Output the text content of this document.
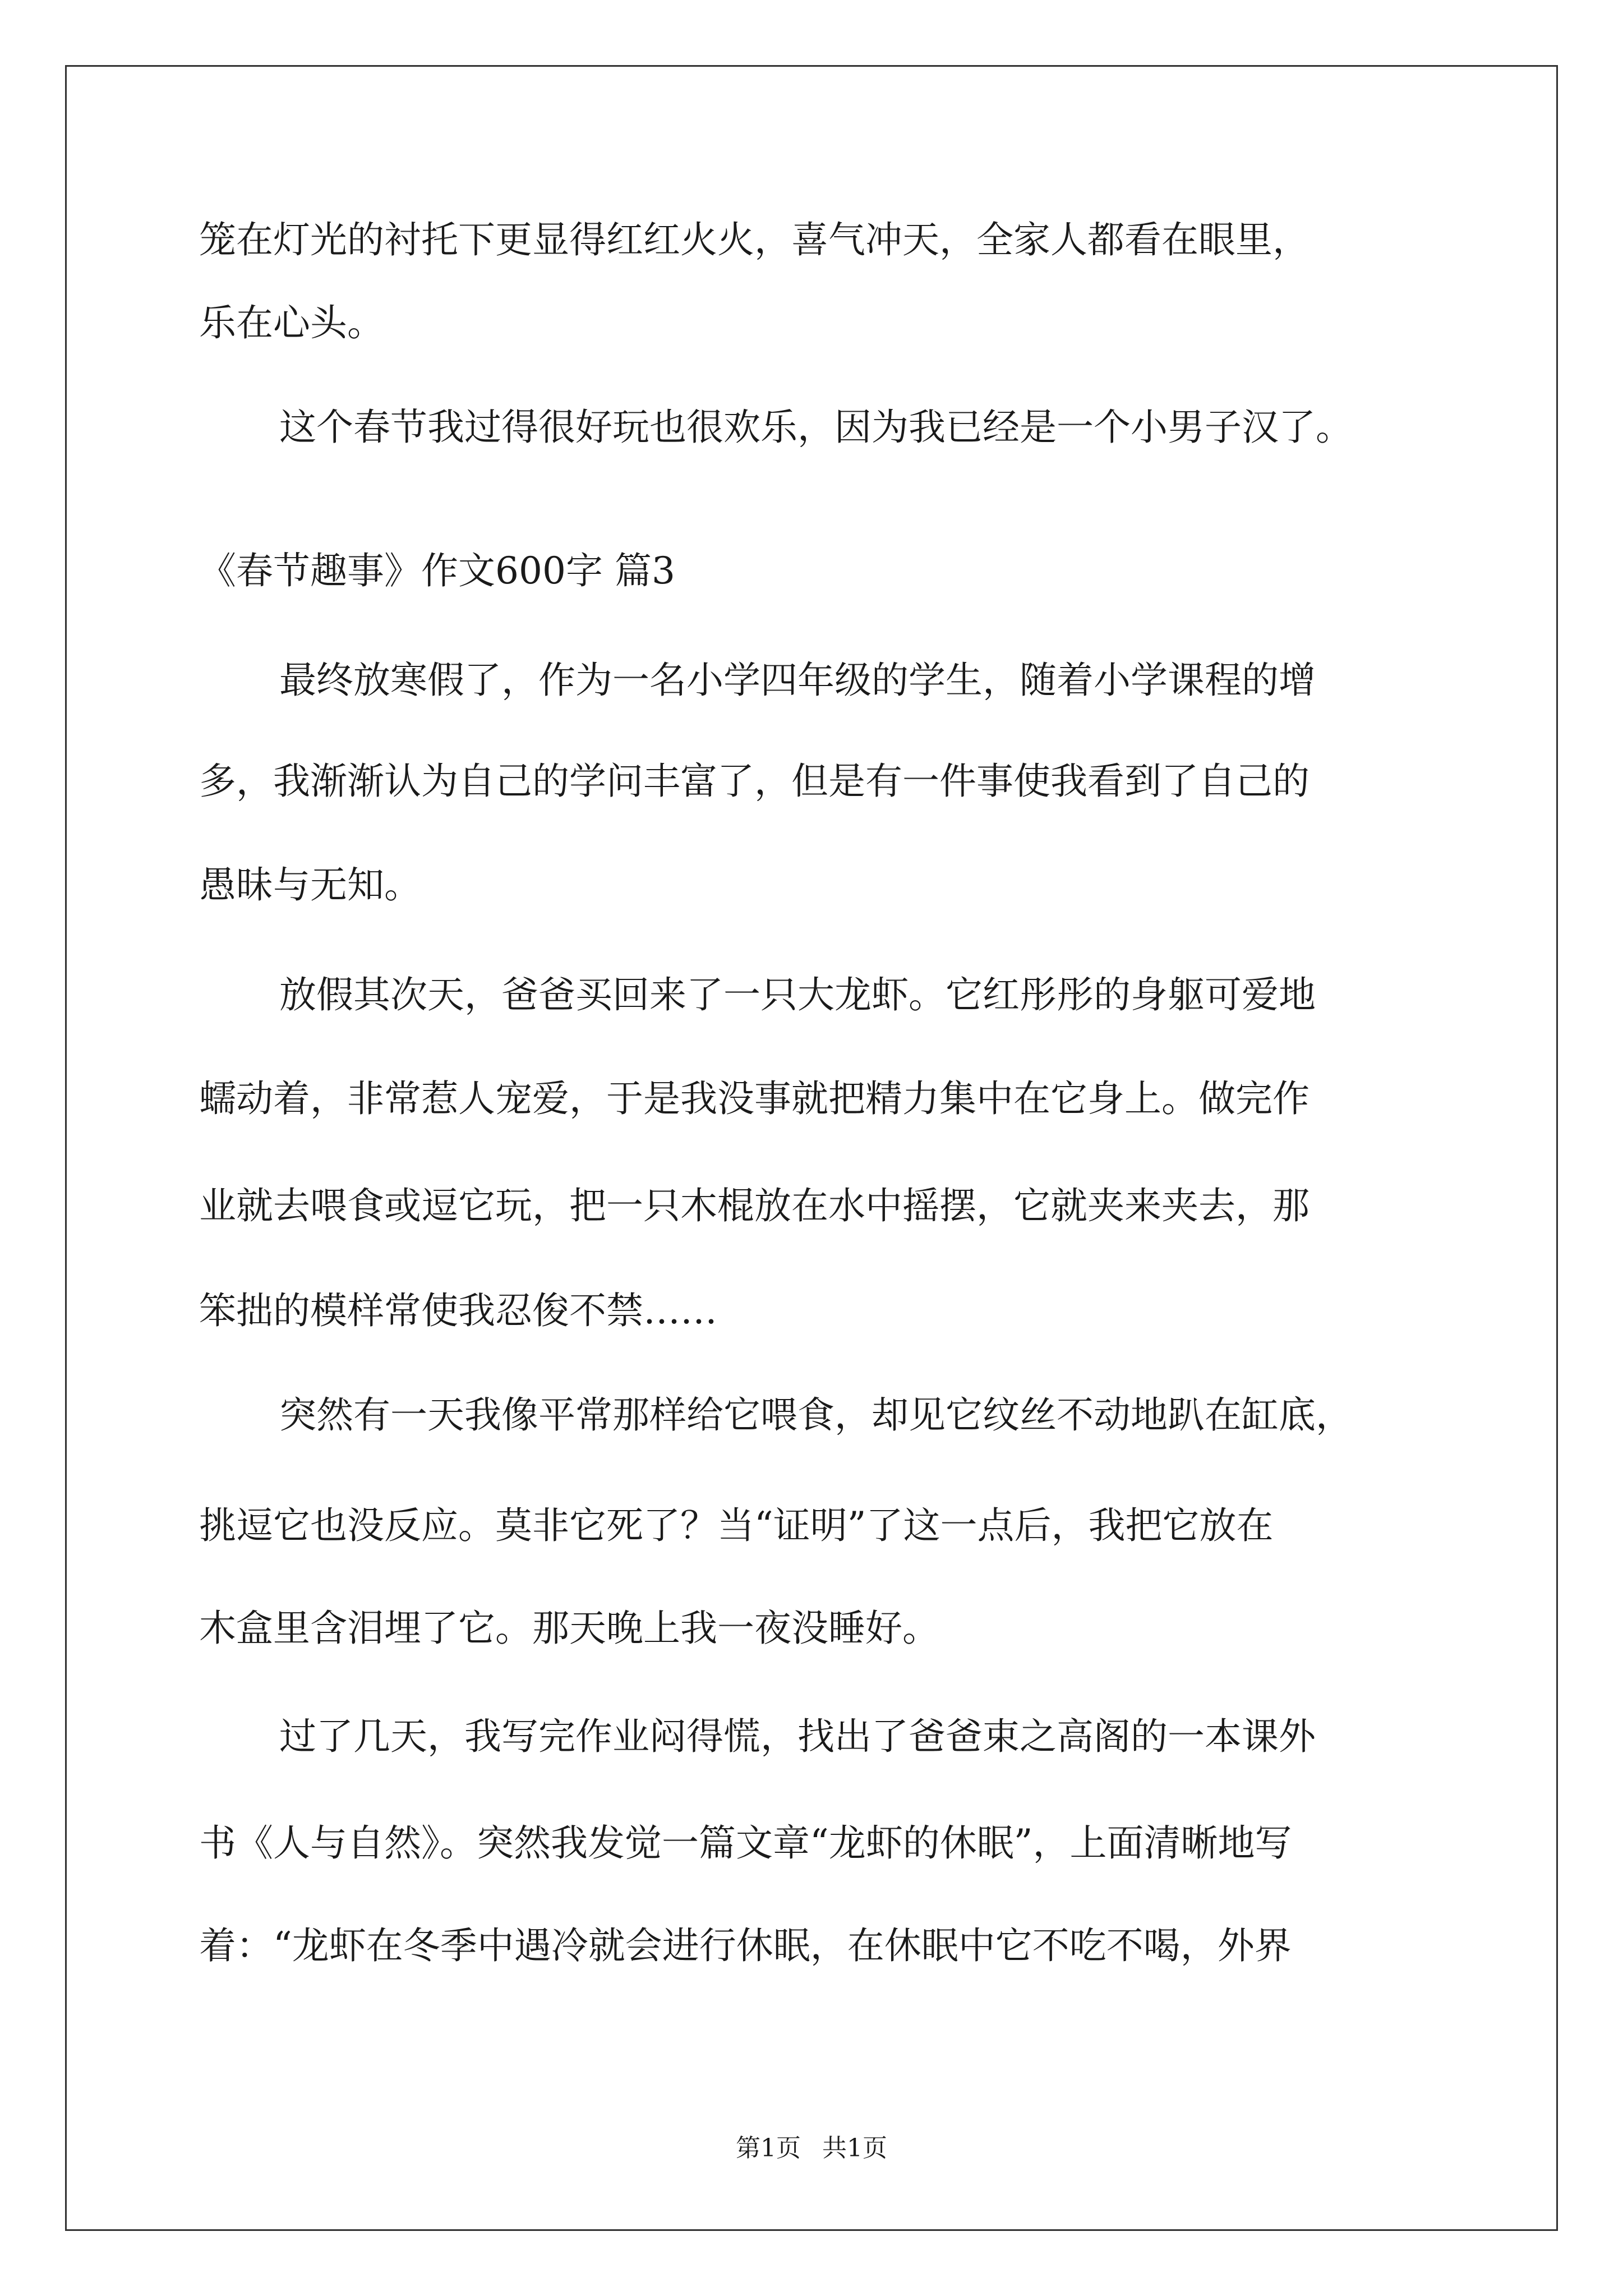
笼在灯光的衬托下更显得红红火火，喜气冲天，全家人都看在眼里，
乐在心头。
这个春节我过得很好玩也很欢乐，因为我已经是一个小男子汉了。
《春节趣事》作文600字 篇3
最终放寒假了，作为一名小学四年级的学生，随着小学课程的增
多，我渐渐认为自己的学问丰富了，但是有一件事使我看到了自己的
愚昧与无知。
放假其次天，爸爸买回来了一只大龙虾。它红彤彤的身躯可爱地
蠕动着，非常惹人宠爱，于是我没事就把精力集中在它身上。做完作
业就去喂食或逗它玩，把一只木棍放在水中摇摆，它就夹来夹去，那
笨拙的模样常使我忍俊不禁……
突然有一天我像平常那样给它喂食，却见它纹丝不动地趴在缸底，
挑逗它也没反应。莫非它死了？当“证明”了这一点后，我把它放在
木盒里含泪埋了它。那天晚上我一夜没睡好。
过了几天，我写完作业闷得慌，找出了爸爸束之高阁的一本课外
书《人与自然》。突然我发觉一篇文章“龙虾的休眠”，上面清晰地写
着：“龙虾在冬季中遇冷就会进行休眠，在休眠中它不吃不喝，外界
第1页 共1页
